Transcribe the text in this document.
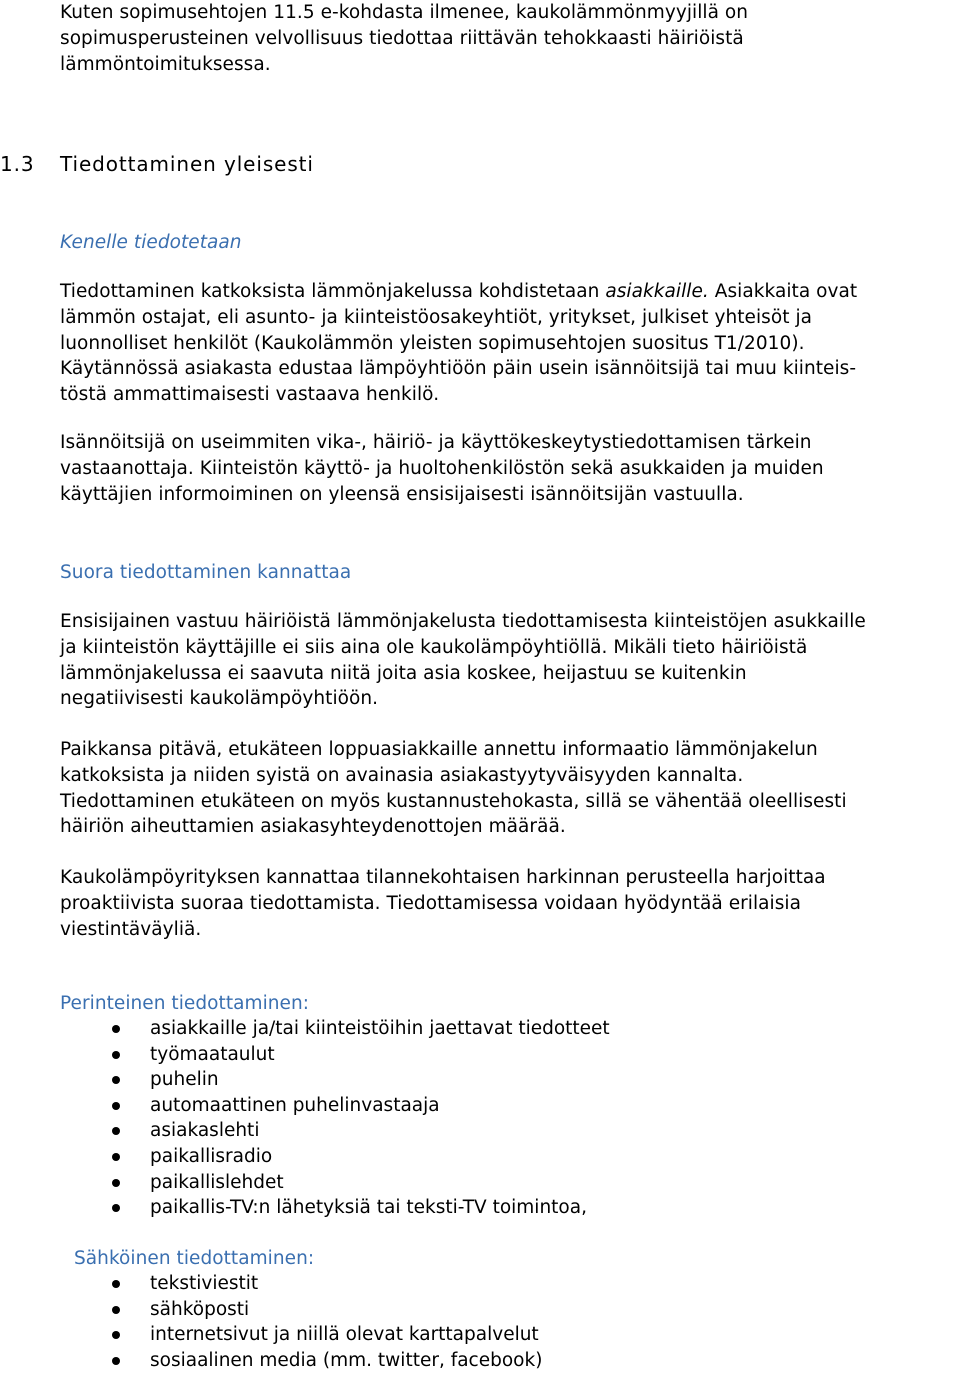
Kuten sopimusehtojen 11.5 e-kohdasta ilmenee, kaukolämmönmyyjillä on
sopimusperusteinen velvollisuus tiedottaa riittävän tehokkaasti häiriöistä
lämmöntoimituksessa.
1.3 Tiedottaminen yleisesti
Kenelle tiedotetaan
Tiedottaminen katkoksista lämmönjakelussa kohdistetaan asiakkaille. Asiakkaita ovat
lämmön ostajat, eli asunto- ja kiinteistöosakeyhtiöt, yritykset, julkiset yhteisöt ja
luonnolliset henkilöt (Kaukolämmön yleisten sopimusehtojen suositus T1/2010).
Käytännössä asiakasta edustaa lämpöyhtiöön päin usein isännöitsijä tai muu kiinteis-
töstä ammattimaisesti vastaava henkilö.
Isännöitsijä on useimmiten vika-, häiriö- ja käyttökeskeytystiedottamisen tärkein
vastaanottaja. Kiinteistön käyttö- ja huoltohenkilöstön sekä asukkaiden ja muiden
käyttäjien informoiminen on yleensä ensisijaisesti isännöitsijän vastuulla.
Suora tiedottaminen kannattaa
Ensisijainen vastuu häiriöistä lämmönjakelusta tiedottamisesta kiinteistöjen asukkaille
ja kiinteistön käyttäjille ei siis aina ole kaukolämpöyhtiöllä. Mikäli tieto häiriöistä
lämmönjakelussa ei saavuta niitä joita asia koskee, heijastuu se kuitenkin
negatiivisesti kaukolämpöyhtiöön.
Paikkansa pitävä, etukäteen loppuasiakkaille annettu informaatio lämmönjakelun
katkoksista ja niiden syistä on avainasia asiakastyytyväisyyden kannalta.
Tiedottaminen etukäteen on myös kustannustehokasta, sillä se vähentää oleellisesti
häiriön aiheuttamien asiakasyhteydenottojen määrää.
Kaukolämpöyrityksen kannattaa tilannekohtaisen harkinnan perusteella harjoittaa
proaktiivista suoraa tiedottamista. Tiedottamisessa voidaan hyödyntää erilaisia
viestintäväyliä.
Perinteinen tiedottaminen:
asiakkaille ja/tai kiinteistöihin jaettavat tiedotteet
työmaataulut
puhelin
automaattinen puhelinvastaaja
asiakaslehti
paikallisradio
paikallislehdet
paikallis-TV:n lähetyksiä tai teksti-TV toimintoa,
Sähköinen tiedottaminen:
tekstiviestit
sähköposti
internetsivut ja niillä olevat karttapalvelut
sosiaalinen media (mm. twitter, facebook)
